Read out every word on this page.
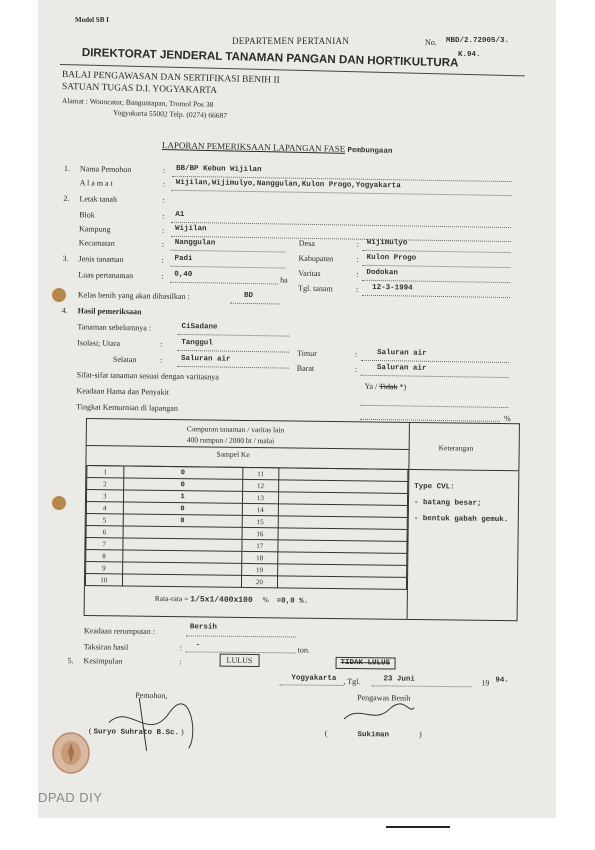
Model SB I
DEPARTEMEN PERTANIAN	No. MBD/2.72005/3.
K.94.
DIREKTORAT JENDERAL TANAMAN PANGAN DAN HORTIKULTURA
BALAI PENGAWASAN DAN SERTIFIKASI BENIH II
SATUAN TUGAS D.I. YOGYAKARTA
Alamat : Wonocatur, Banguntapan, Tromol Pos 38
Yogyakarta 55002 Telp. (0274) 66687
LAPORAN PEMERIKSAAN LAPANGAN FASE Pembungaan
1. Nama Pemohon	: BB/BP Kebun Wijilan
A l a m a t	: Wijilan,Wijimulyo,Nanggulan,Kulon Progo,Yogyakarta
2. Letak tanah	:
Blok	: A1
Kampung	: Wijilan
Kecamatan	: Nanggulan	Desa	: Wijimulyo
Kabupaten	: Kulon Progo
3. Jenis tanaman	: Padi
Varitas	: Dodokan
Luas pertanaman	: 0,40
ha
Tgl. tanam	: 12-3-1994
Kelas benih yang akan dihasilkan :	BD
4. Hasil pemeriksaan
Tanaman sebelumnya :	CiSadane
Isolasi; Utara	: Tanggul
Timur	:	Saluran air
Selatan	: Saluran air
Barat	:	Saluran air
Sifat-sifat tanaman sesuai dengan varitasnya
Ya / Tidak *)
Keadaan Hama dan Penyakit
Tingkat Kemurnian di lapangan
%
Campuran tanaman / varitas lain
400 rumpun / 2000 bt / malai
Sampel Ke
Keterangan
1	0	11	
2	0	12	
3	1	13	
4	0	14	
5	0	15	
6		16	
7		17	
8		18	
9		19	
10		20	
Type CVL:
- batang besar;
- bentuk gabah gemuk.
Rata-rata = 1/5x1/400x100 % =0,0 %.
Keadaan rerumputan :	Bersih
Taksiran hasil	: -
ton.
5. Kesimpulan	:	LULUS	TIDAK LULUS
Yogyakarta , Tgl.	23 Juni	19 94.
Pemohon,	Pengawas Benih
( Suryo Suhrato B.Sc. )	(	Sukiman	)
DPAD DIY
